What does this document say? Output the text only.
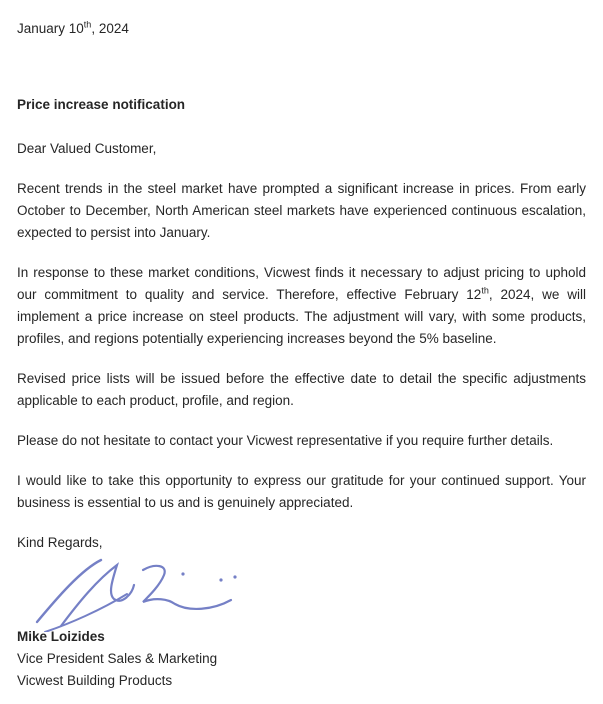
January 10th, 2024

Price increase notification

Dear Valued Customer,

Recent trends in the steel market have prompted a significant increase in prices. From early October to December, North American steel markets have experienced continuous escalation, expected to persist into January.

In response to these market conditions, Vicwest finds it necessary to adjust pricing to uphold our commitment to quality and service. Therefore, effective February 12th, 2024, we will implement a price increase on steel products. The adjustment will vary, with some products, profiles, and regions potentially experiencing increases beyond the 5% baseline.

Revised price lists will be issued before the effective date to detail the specific adjustments applicable to each product, profile, and region.

Please do not hesitate to contact your Vicwest representative if you require further details.

I would like to take this opportunity to express our gratitude for your continued support. Your business is essential to us and is genuinely appreciated.

Kind Regards,

Mike Loizides

Vice President Sales & Marketing

Vicwest Building Products
